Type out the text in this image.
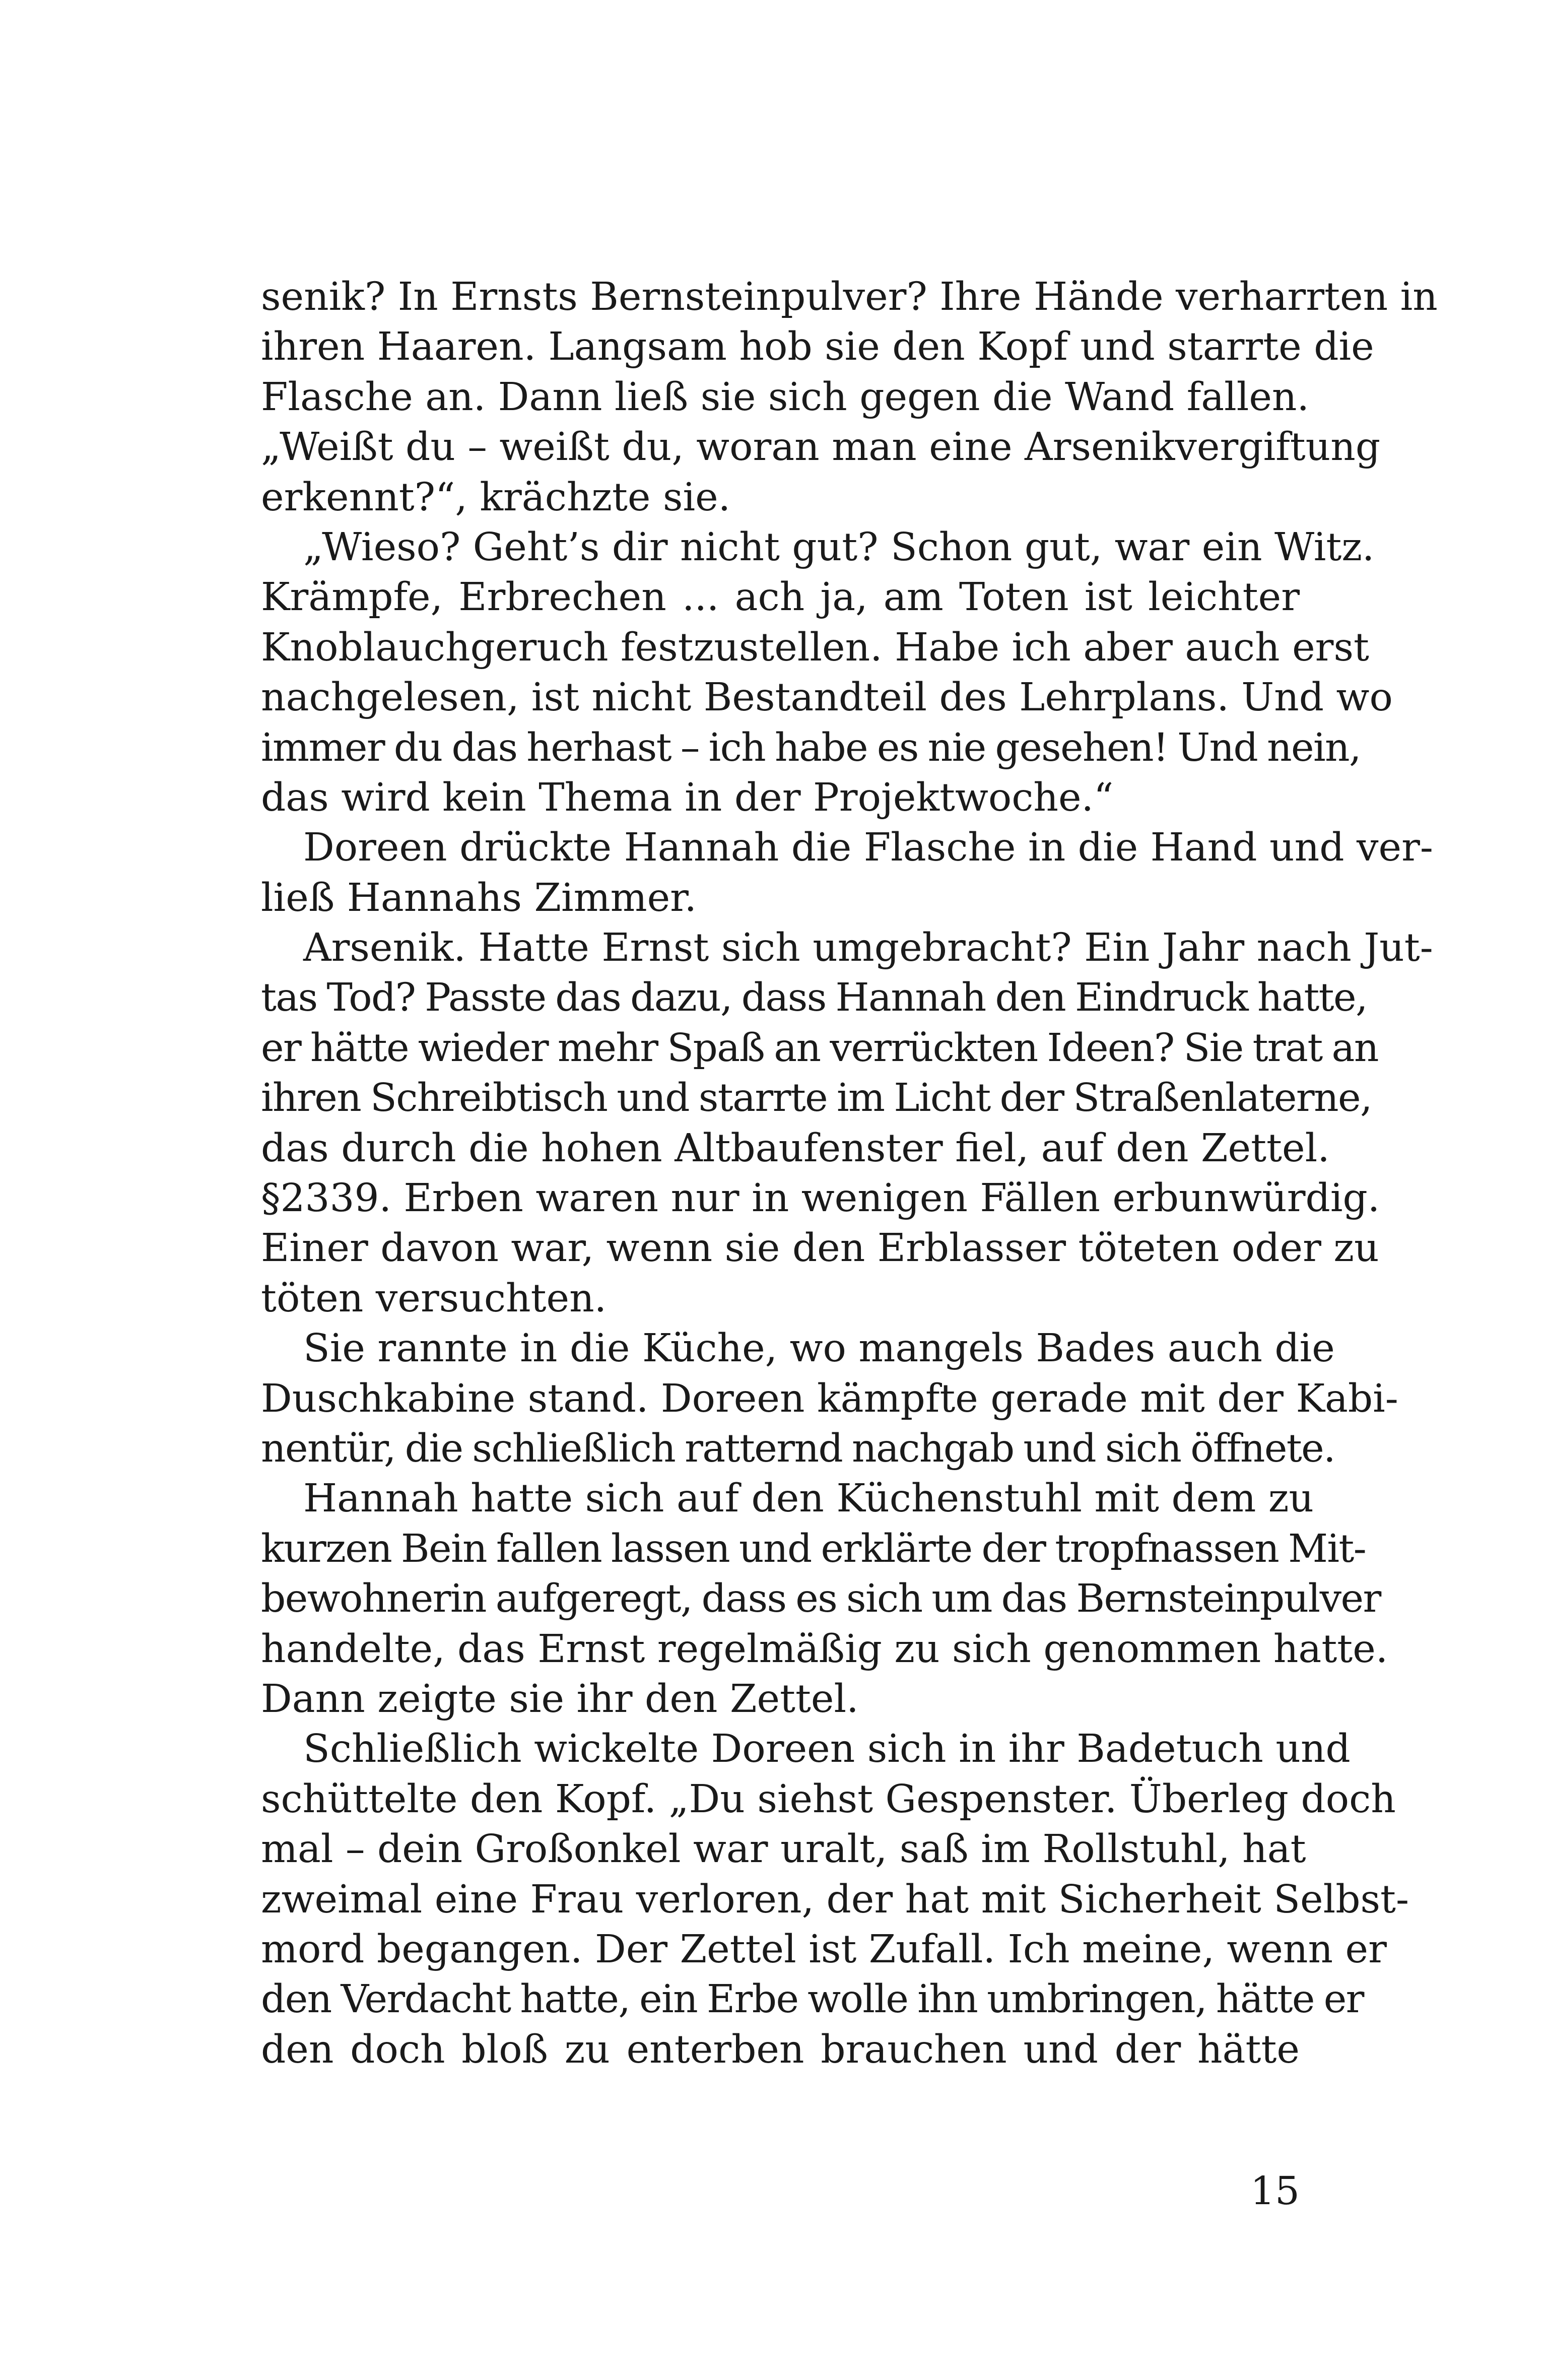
senik? In Ernsts Bernsteinpulver? Ihre Hände verharrten in
ihren Haaren. Langsam hob sie den Kopf und starrte die
Flasche an. Dann ließ sie sich gegen die Wand fallen.
„Weißt du – weißt du, woran man eine Arsenikvergiftung
erkennt?“, krächzte sie.
„Wieso? Geht’s dir nicht gut? Schon gut, war ein Witz.
Krämpfe, Erbrechen ... ach ja, am Toten ist leichter
Knoblauchgeruch festzustellen. Habe ich aber auch erst
nachgelesen, ist nicht Bestandteil des Lehrplans. Und wo
immer du das herhast – ich habe es nie gesehen! Und nein,
das wird kein Thema in der Projektwoche.“
Doreen drückte Hannah die Flasche in die Hand und ver-
ließ Hannahs Zimmer.
Arsenik. Hatte Ernst sich umgebracht? Ein Jahr nach Jut-
tas Tod? Passte das dazu, dass Hannah den Eindruck hatte,
er hätte wieder mehr Spaß an verrückten Ideen? Sie trat an
ihren Schreibtisch und starrte im Licht der Straßenlaterne,
das durch die hohen Altbaufenster fiel, auf den Zettel.
§2339. Erben waren nur in wenigen Fällen erbunwürdig.
Einer davon war, wenn sie den Erblasser töteten oder zu
töten versuchten.
Sie rannte in die Küche, wo mangels Bades auch die
Duschkabine stand. Doreen kämpfte gerade mit der Kabi-
nentür, die schließlich ratternd nachgab und sich öffnete.
Hannah hatte sich auf den Küchenstuhl mit dem zu
kurzen Bein fallen lassen und erklärte der tropfnassen Mit-
bewohnerin aufgeregt, dass es sich um das Bernsteinpulver
handelte, das Ernst regelmäßig zu sich genommen hatte.
Dann zeigte sie ihr den Zettel.
Schließlich wickelte Doreen sich in ihr Badetuch und
schüttelte den Kopf. „Du siehst Gespenster. Überleg doch
mal – dein Großonkel war uralt, saß im Rollstuhl, hat
zweimal eine Frau verloren, der hat mit Sicherheit Selbst-
mord begangen. Der Zettel ist Zufall. Ich meine, wenn er
den Verdacht hatte, ein Erbe wolle ihn umbringen, hätte er
den doch bloß zu enterben brauchen und der hätte
15
